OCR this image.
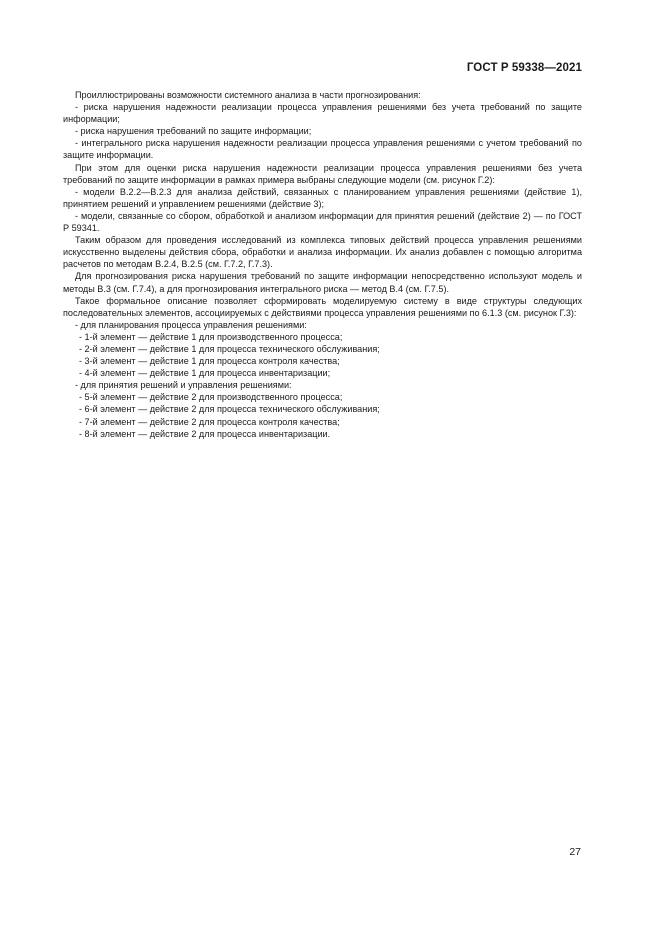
ГОСТ Р 59338—2021

Проиллюстрированы возможности системного анализа в части прогнозирования:

- риска нарушения надежности реализации процесса управления решениями без учета требований по защите информации;

- риска нарушения требований по защите информации;

- интегрального риска нарушения надежности реализации процесса управления решениями с учетом требований по защите информации.

При этом для оценки риска нарушения надежности реализации процесса управления решениями без учета требований по защите информации в рамках примера выбраны следующие модели (см. рисунок Г.2):

- модели В.2.2—В.2.3 для анализа действий, связанных с планированием управления решениями (действие 1), принятием решений и управлением решениями (действие 3);

- модели, связанные со сбором, обработкой и анализом информации для принятия решений (действие 2) — по ГОСТ Р 59341.

Таким образом для проведения исследований из комплекса типовых действий процесса управления решениями искусственно выделены действия сбора, обработки и анализа информации. Их анализ добавлен с помощью алгоритма расчетов по методам В.2.4, В.2.5 (см. Г.7.2, Г.7.3).

Для прогнозирования риска нарушения требований по защите информации непосредственно используют модель и методы В.3 (см. Г.7.4), а для прогнозирования интегрального риска — метод В.4 (см. Г.7.5).

Такое формальное описание позволяет сформировать моделируемую систему в виде структуры следующих последовательных элементов, ассоциируемых с действиями процесса управления решениями по 6.1.3 (см. рисунок Г.3):

- для планирования процесса управления решениями:

- 1-й элемент — действие 1 для производственного процесса;

- 2-й элемент — действие 1 для процесса технического обслуживания;

- 3-й элемент — действие 1 для процесса контроля качества;

- 4-й элемент — действие 1 для процесса инвентаризации;

- для принятия решений и управления решениями:

- 5-й элемент — действие 2 для производственного процесса;

- 6-й элемент — действие 2 для процесса технического обслуживания;

- 7-й элемент — действие 2 для процесса контроля качества;

- 8-й элемент — действие 2 для процесса инвентаризации.

27
